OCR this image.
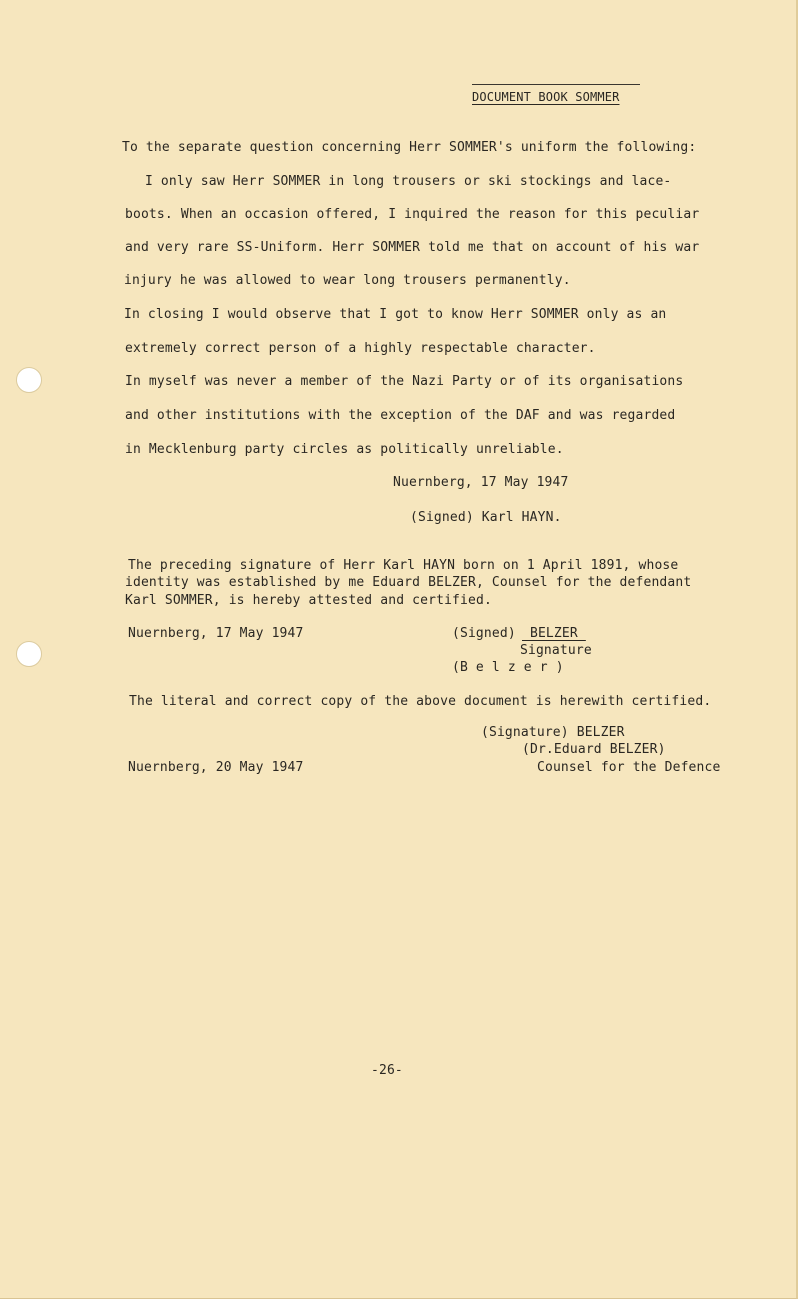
DOCUMENT BOOK SOMMER
To the separate question concerning Herr SOMMER's uniform the following:
I only saw Herr SOMMER in long trousers or ski stockings and lace-
boots. When an occasion offered, I inquired the reason for this peculiar
and very rare SS-Uniform. Herr SOMMER told me that on account of his war
injury he was allowed to wear long trousers permanently.
In closing I would observe that I got to know Herr SOMMER only as an
extremely correct person of a highly respectable character.
In myself was never a member of the Nazi Party or of its organisations
and other institutions with the exception of the DAF and was regarded
in Mecklenburg party circles as politically unreliable.
Nuernberg, 17 May 1947
(Signed) Karl HAYN.
The preceding signature of Herr Karl HAYN born on 1 April 1891, whose
identity was established by me Eduard BELZER, Counsel for the defendant
Karl SOMMER, is hereby attested and certified.
Nuernberg, 17 May 1947	(Signed) BELZER
Signature
(B e l z e r )
The literal and correct copy of the above document is herewith certified.
(Signature) BELZER
(Dr.Eduard BELZER)
Counsel for the Defence
Nuernberg, 20 May 1947
-26-
